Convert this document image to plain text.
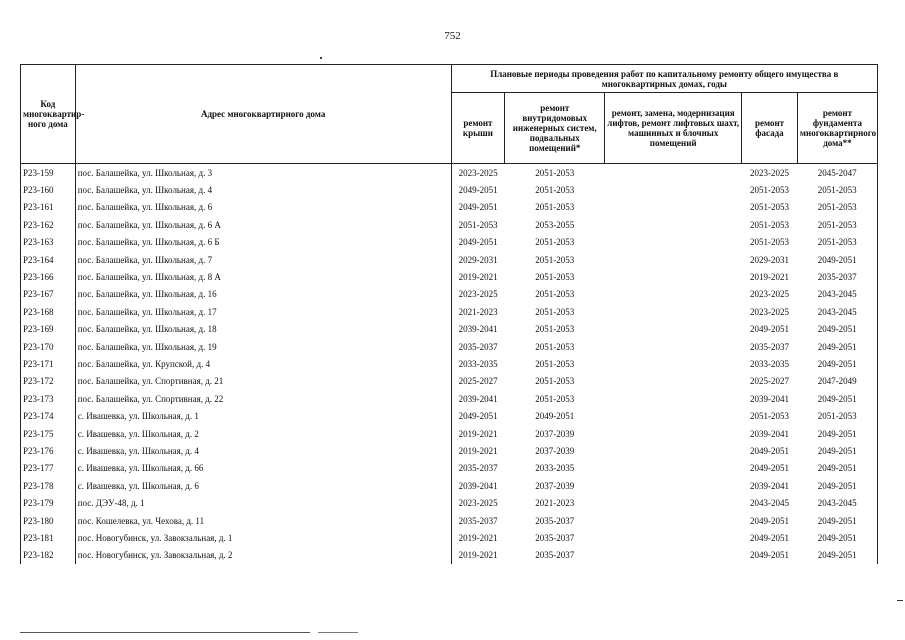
752
Код многоквартир-ного дома	Адрес многоквартирного дома	Плановые периоды проведения работ по капитальному ремонту общего имущества в многоквартирных домах, годы				
		ремонт крыши	ремонт внутридомовых инженерных систем, подвальных помещений*	ремонт, замена, модернизация лифтов, ремонт лифтовых шахт, машинных и блочных помещений	ремонт фасада	ремонт фундамента многоквартирного дома**
Р23-159	пос. Балашейка, ул. Школьная, д. 3	2023-2025	2051-2053		2023-2025	2045-2047
Р23-160	пос. Балашейка, ул. Школьная, д. 4	2049-2051	2051-2053		2051-2053	2051-2053
Р23-161	пос. Балашейка, ул. Школьная, д. 6	2049-2051	2051-2053		2051-2053	2051-2053
Р23-162	пос. Балашейка, ул. Школьная, д. 6 А	2051-2053	2053-2055		2051-2053	2051-2053
Р23-163	пос. Балашейка, ул. Школьная, д. 6 Б	2049-2051	2051-2053		2051-2053	2051-2053
Р23-164	пос. Балашейка, ул. Школьная, д. 7	2029-2031	2051-2053		2029-2031	2049-2051
Р23-166	пос. Балашейка, ул. Школьная, д. 8 А	2019-2021	2051-2053		2019-2021	2035-2037
Р23-167	пос. Балашейка, ул. Школьная, д. 16	2023-2025	2051-2053		2023-2025	2043-2045
Р23-168	пос. Балашейка, ул. Школьная, д. 17	2021-2023	2051-2053		2023-2025	2043-2045
Р23-169	пос. Балашейка, ул. Школьная, д. 18	2039-2041	2051-2053		2049-2051	2049-2051
Р23-170	пос. Балашейка, ул. Школьная, д. 19	2035-2037	2051-2053		2035-2037	2049-2051
Р23-171	пос. Балашейка, ул. Крупской, д. 4	2033-2035	2051-2053		2033-2035	2049-2051
Р23-172	пос. Балашейка, ул. Спортивная, д. 21	2025-2027	2051-2053		2025-2027	2047-2049
Р23-173	пос. Балашейка, ул. Спортивная, д. 22	2039-2041	2051-2053		2039-2041	2049-2051
Р23-174	с. Ивашевка, ул. Школьная, д. 1	2049-2051	2049-2051		2051-2053	2051-2053
Р23-175	с. Ивашевка, ул. Школьная, д. 2	2019-2021	2037-2039		2039-2041	2049-2051
Р23-176	с. Ивашевка, ул. Школьная, д. 4	2019-2021	2037-2039		2049-2051	2049-2051
Р23-177	с. Ивашевка, ул. Школьная, д. 66	2035-2037	2033-2035		2049-2051	2049-2051
Р23-178	с. Ивашевка, ул. Школьная, д. 6	2039-2041	2037-2039		2039-2041	2049-2051
Р23-179	пос. ДЭУ-48, д. 1	2023-2025	2021-2023		2043-2045	2043-2045
Р23-180	пос. Кошелевка, ул. Чехова, д. 11	2035-2037	2035-2037		2049-2051	2049-2051
Р23-181	пос. Новогубинск, ул. Завокзальная, д. 1	2019-2021	2035-2037		2049-2051	2049-2051
Р23-182	пос. Новогубинск, ул. Завокзальная, д. 2	2019-2021	2035-2037		2049-2051	2049-2051
